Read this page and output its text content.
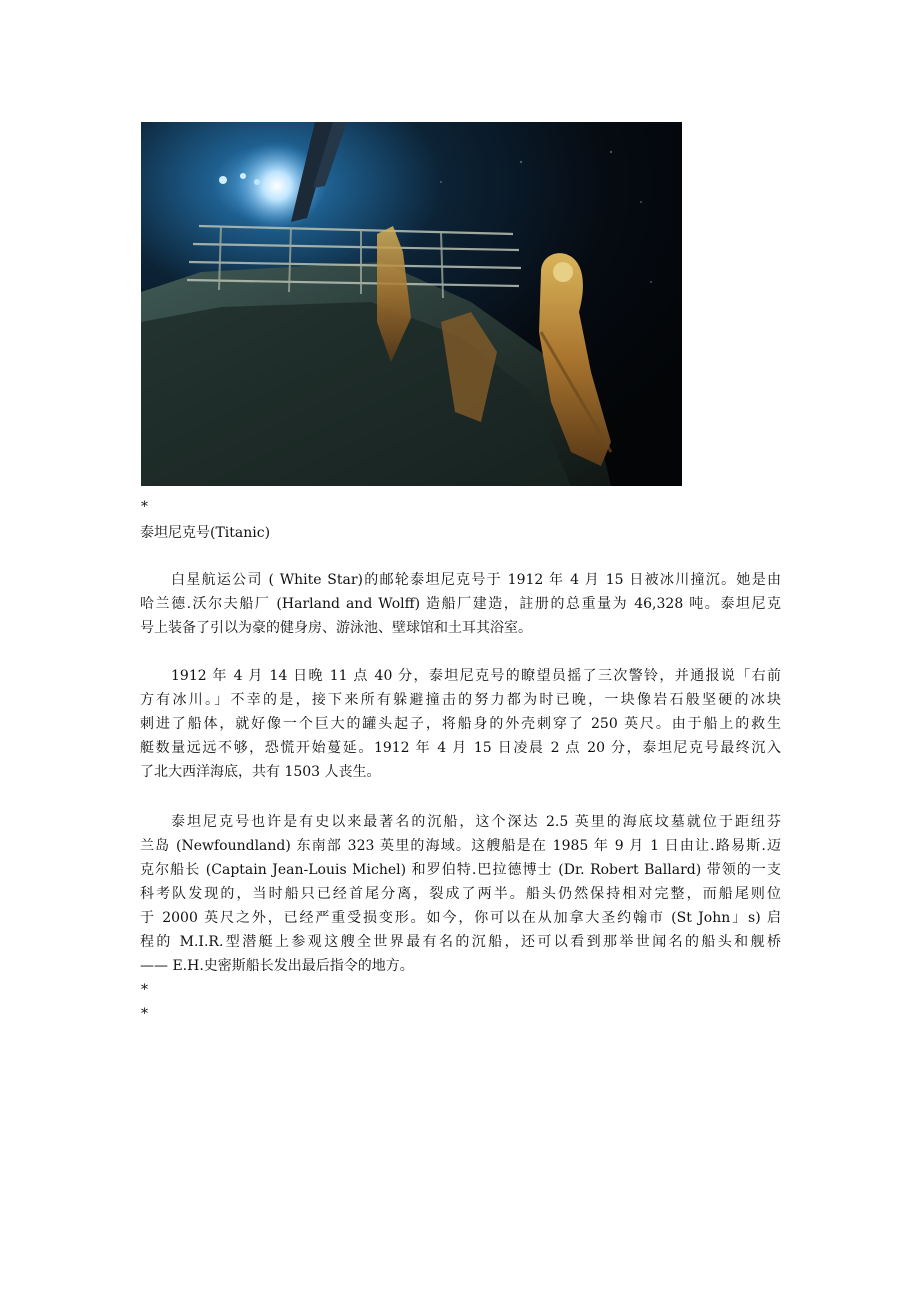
*

泰坦尼克号(Titanic)

白星航运公司 ( White Star)的邮轮泰坦尼克号于 1912 年 4 月 15 日被冰川撞沉。她是由
哈兰德.沃尔夫船厂 (Harland and Wolff) 造船厂建造，註册的总重量为 46,328 吨。泰坦尼克
号上装备了引以为豪的健身房、游泳池、壁球馆和土耳其浴室。
1912 年 4 月 14 日晚 11 点 40 分，泰坦尼克号的瞭望员摇了三次警铃，并通报说「右前
方有冰川。」不幸的是，接下来所有躲避撞击的努力都为时已晚，一块像岩石般坚硬的冰块
刺进了船体，就好像一个巨大的罐头起子，将船身的外壳刺穿了 250 英尺。由于船上的救生
艇数量远远不够，恐慌开始蔓延。1912 年 4 月 15 日凌晨 2 点 20 分，泰坦尼克号最终沉入
了北大西洋海底，共有 1503 人丧生。
泰坦尼克号也许是有史以来最著名的沉船，这个深达 2.5 英里的海底坟墓就位于距纽芬
兰岛 (Newfoundland) 东南部 323 英里的海域。这艘船是在 1985 年 9 月 1 日由让.路易斯.迈
克尔船长 (Captain Jean-Louis Michel) 和罗伯特.巴拉德博士 (Dr. Robert Ballard) 带领的一支
科考队发现的，当时船只已经首尾分离，裂成了两半。船头仍然保持相对完整，而船尾则位
于 2000 英尺之外，已经严重受损变形。如今，你可以在从加拿大圣约翰市 (St John」s) 启
程的 M.I.R.型潜艇上参观这艘全世界最有名的沉船，还可以看到那举世闻名的船头和舰桥
—— E.H.史密斯船长发出最后指令的地方。

*

*
